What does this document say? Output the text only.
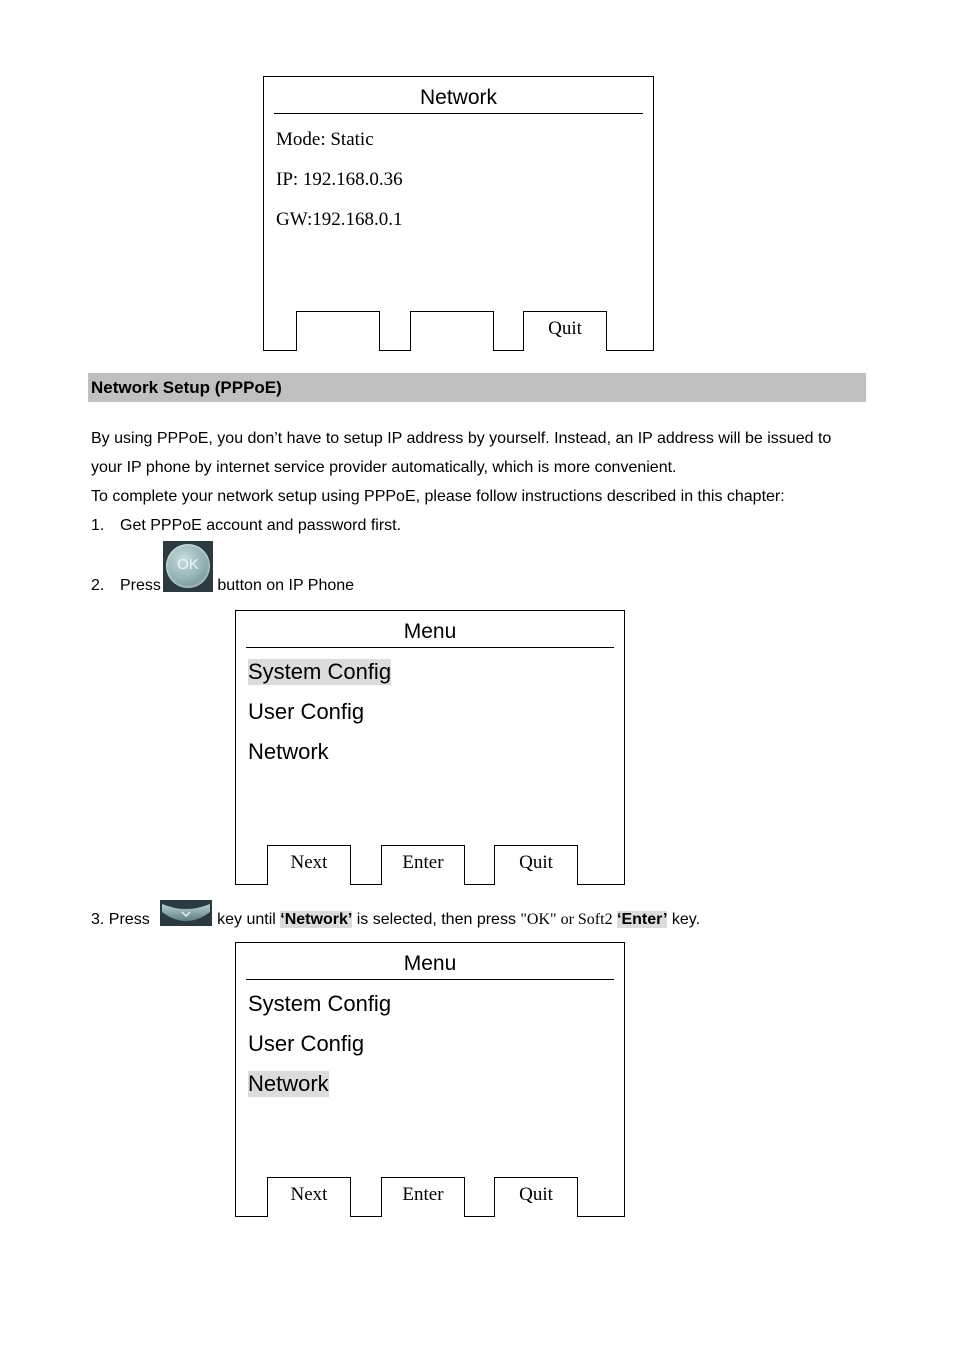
Network
Mode: Static
IP: 192.168.0.36
GW:192.168.0.1
Quit
Network Setup (PPPoE)
By using PPPoE, you don’t have to setup IP address by yourself. Instead, an IP address will be issued to
your IP phone by internet service provider automatically, which is more convenient.
To complete your network setup using PPPoE, please follow instructions described in this chapter:
1. Get PPPoE account and password first.
2. Press	button on IP Phone
OK
Menu
System Config
User Config
Network
Next	Enter	Quit
3. Press	key until ‘Network’ is selected, then press "OK" or Soft2 ‘Enter’ key.
Menu
System Config
User Config
Network
Next	Enter	Quit
